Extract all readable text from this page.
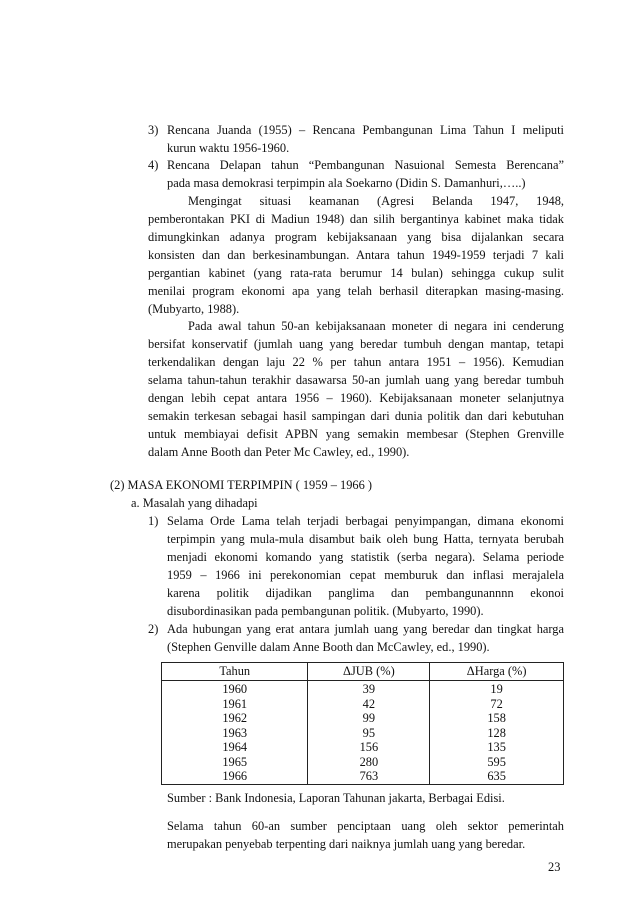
3) Rencana Juanda (1955) – Rencana Pembangunan Lima Tahun I meliputi
kurun waktu 1956-1960.
4) Rencana Delapan tahun “Pembangunan Nasuional Semesta Berencana”
pada masa demokrasi terpimpin ala Soekarno (Didin S. Damanhuri,…..)
Mengingat situasi keamanan (Agresi Belanda 1947, 1948,
pemberontakan PKI di Madiun 1948) dan silih bergantinya kabinet maka tidak
dimungkinkan adanya program kebijaksanaan yang bisa dijalankan secara
konsisten dan dan berkesinambungan. Antara tahun 1949-1959 terjadi 7 kali
pergantian kabinet (yang rata-rata berumur 14 bulan) sehingga cukup sulit
menilai program ekonomi apa yang telah berhasil diterapkan masing-masing.
(Mubyarto, 1988).
Pada awal tahun 50-an kebijaksanaan moneter di negara ini cenderung
bersifat konservatif (jumlah uang yang beredar tumbuh dengan mantap, tetapi
terkendalikan dengan laju 22 % per tahun antara 1951 – 1956). Kemudian
selama tahun-tahun terakhir dasawarsa 50-an jumlah uang yang beredar tumbuh
dengan lebih cepat antara 1956 – 1960). Kebijaksanaan moneter selanjutnya
semakin terkesan sebagai hasil sampingan dari dunia politik dan dari kebutuhan
untuk membiayai defisit APBN yang semakin membesar (Stephen Grenville
dalam Anne Booth dan Peter Mc Cawley, ed., 1990).
(2) MASA EKONOMI TERPIMPIN ( 1959 – 1966 )
a. Masalah yang dihadapi
1) Selama Orde Lama telah terjadi berbagai penyimpangan, dimana ekonomi
terpimpin yang mula-mula disambut baik oleh bung Hatta, ternyata berubah
menjadi ekonomi komando yang statistik (serba negara). Selama periode
1959 – 1966 ini perekonomian cepat memburuk dan inflasi merajalela
karena politik dijadikan panglima dan pembangunannnn ekonoi
disubordinasikan pada pembangunan politik. (Mubyarto, 1990).
2) Ada hubungan yang erat antara jumlah uang yang beredar dan tingkat harga
(Stephen Genville dalam Anne Booth dan McCawley, ed., 1990).
Tahun	ΔJUB (%)	ΔHarga (%)
1960	39	19
1961	42	72
1962	99	158
1963	95	128
1964	156	135
1965	280	595
1966	763	635
Sumber : Bank Indonesia, Laporan Tahunan jakarta, Berbagai Edisi.
Selama tahun 60-an sumber penciptaan uang oleh sektor pemerintah
merupakan penyebab terpenting dari naiknya jumlah uang yang beredar.
23
